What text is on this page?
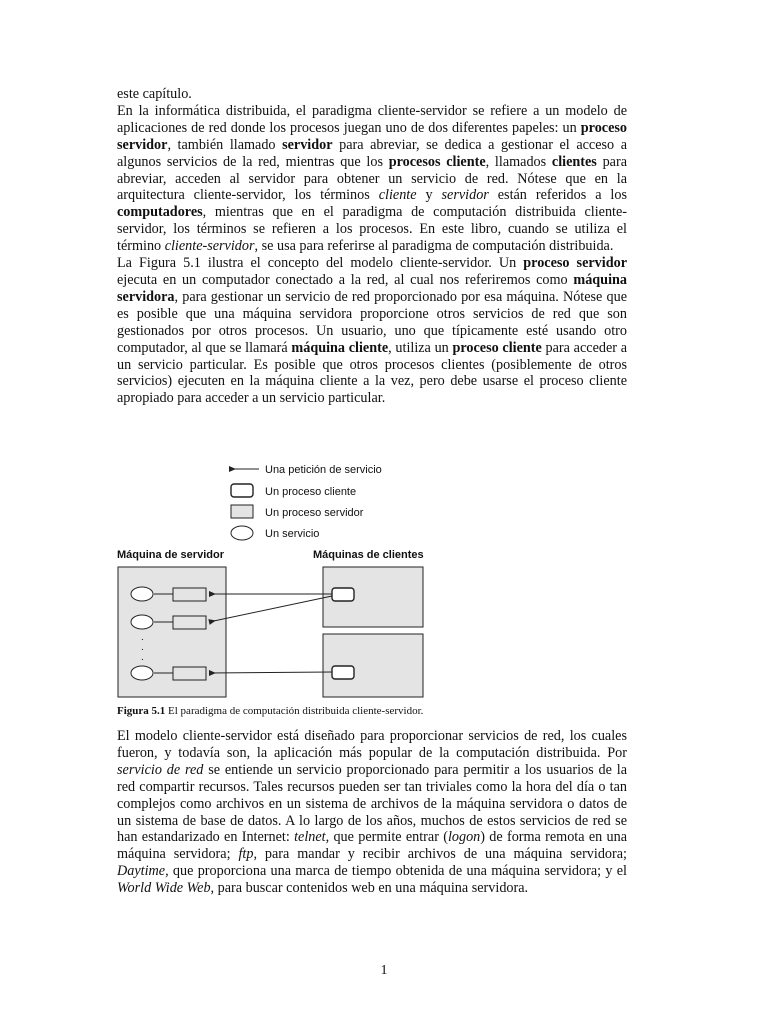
este capítulo.

En la informática distribuida, el paradigma cliente-servidor se refiere a un modelo de aplicaciones de red donde los procesos juegan uno de dos diferentes papeles: un proceso servidor, también llamado servidor para abreviar, se dedica a gestionar el acceso a algunos servicios de la red, mientras que los procesos cliente, llamados clientes para abreviar, acceden al servidor para obtener un servicio de red. Nótese que en la arquitectura cliente-servidor, los términos cliente y servidor están referidos a los computadores, mientras que en el paradigma de computación distribuida cliente-servidor, los términos se refieren a los procesos. En este libro, cuando se utiliza el término cliente-servidor, se usa para referirse al paradigma de computación distribuida.

La Figura 5.1 ilustra el concepto del modelo cliente-servidor. Un proceso servidor ejecuta en un computador conectado a la red, al cual nos referiremos como máquina servidora, para gestionar un servicio de red proporcionado por esa máquina. Nótese que es posible que una máquina servidora proporcione otros servicios de red que son gestionados por otros procesos. Un usuario, uno que típicamente esté usando otro computador, al que se llamará máquina cliente, utiliza un proceso cliente para acceder a un servicio particular. Es posible que otros procesos clientes (posiblemente de otros servicios) ejecuten en la máquina cliente a la vez, pero debe usarse el proceso cliente apropiado para acceder a un servicio particular.

Una petición de servicio
Un proceso cliente
Un proceso servidor
Un servicio
Máquina de servidor	Máquinas de clientes
.
.
.
Figura 5.1 El paradigma de computación distribuida cliente-servidor.

El modelo cliente-servidor está diseñado para proporcionar servicios de red, los cuales fueron, y todavía son, la aplicación más popular de la computación distribuida. Por servicio de red se entiende un servicio proporcionado para permitir a los usuarios de la red compartir recursos. Tales recursos pueden ser tan triviales como la hora del día o tan complejos como archivos en un sistema de archivos de la máquina servidora o datos de un sistema de base de datos. A lo largo de los años, muchos de estos servicios de red se han estandarizado en Internet: telnet, que permite entrar (logon) de forma remota en una máquina servidora; ftp, para mandar y recibir archivos de una máquina servidora; Daytime, que proporciona una marca de tiempo obtenida de una máquina servidora; y el World Wide Web, para buscar contenidos web en una máquina servidora.

1
